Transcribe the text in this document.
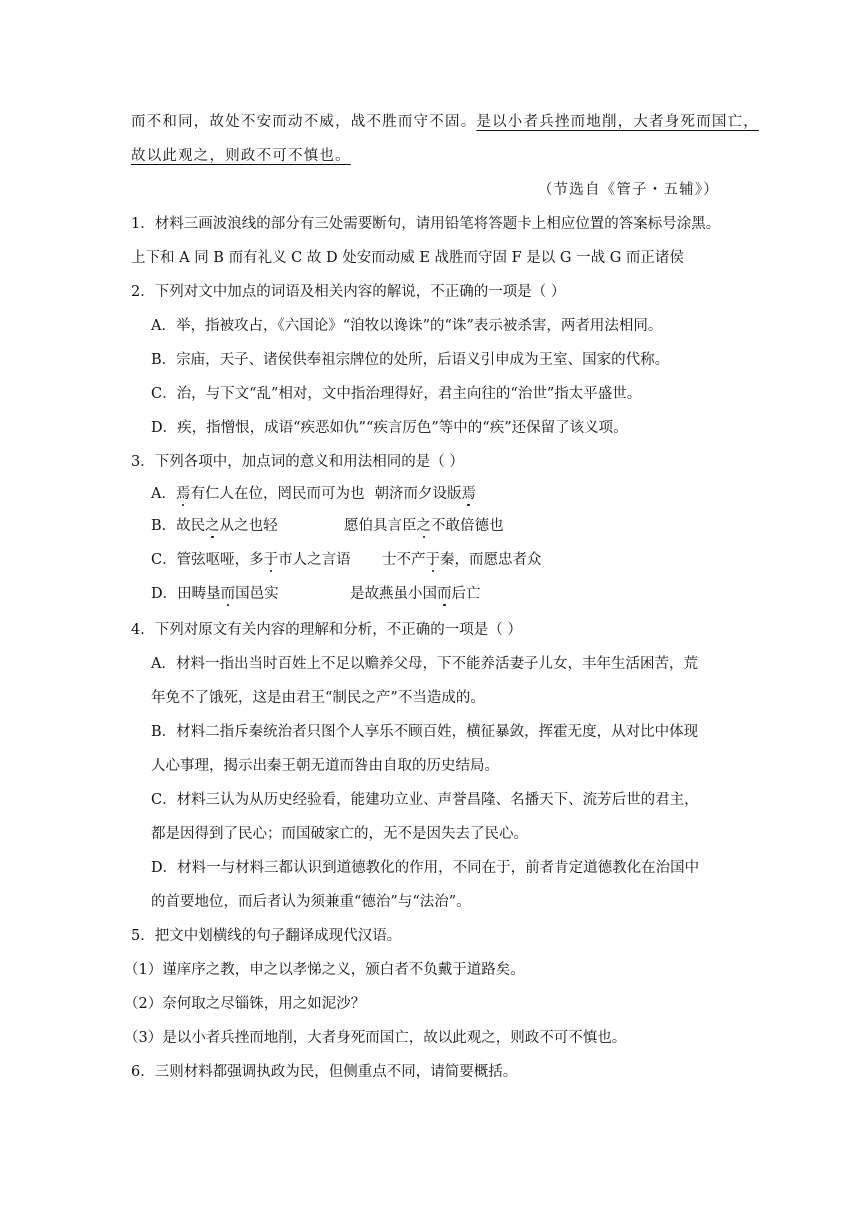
而不和同，故处不安而动不威，战不胜而守不固。是以小者兵挫而地削，大者身死而国亡，
故以此观之，则政不可不慎也。
（节选自《管子・五辅》）
1．材料三画波浪线的部分有三处需要断句，请用铅笔将答题卡上相应位置的答案标号涂黑。
上下和 A 同 B 而有礼义 C 故 D 处安而动威 E 战胜而守固 F 是以 G 一战 G 而正诸侯
2．下列对文中加点的词语及相关内容的解说，不正确的一项是（ ）
A．举，指被攻占，《六国论》“洎牧以谗诛”的“诛”表示被杀害，两者用法相同。
B．宗庙，天子、诸侯供奉祖宗牌位的处所，后语义引申成为王室、国家的代称。
C．治，与下文“乱”相对，文中指治理得好，君主向往的“治世”指太平盛世。
D．疾，指憎恨，成语“疾恶如仇”“疾言厉色”等中的“疾”还保留了该义项。
3．下列各项中，加点词的意义和用法相同的是（ ）
A．焉有仁人在位，罔民而可为也 朝济而夕设版焉
B．故民之从之也轻	愿伯具言臣之不敢倍德也
C．管弦呕哑，多于市人之言语 士不产于秦，而愿忠者众
D．田畴垦而国邑实	是故燕虽小国而后亡
4．下列对原文有关内容的理解和分析，不正确的一项是（ ）
A．材料一指出当时百姓上不足以赡养父母，下不能养活妻子儿女，丰年生活困苦，荒
年免不了饿死，这是由君王“制民之产”不当造成的。
B．材料二指斥秦统治者只图个人享乐不顾百姓，横征暴敛，挥霍无度，从对比中体现
人心事理，揭示出秦王朝无道而咎由自取的历史结局。
C．材料三认为从历史经验看，能建功立业、声誉昌隆、名播天下、流芳后世的君主，
都是因得到了民心；而国破家亡的，无不是因失去了民心。
D．材料一与材料三都认识到道德教化的作用，不同在于，前者肯定道德教化在治国中
的首要地位，而后者认为须兼重“德治”与“法治”。
5．把文中划横线的句子翻译成现代汉语。
（1）谨庠序之教，申之以孝悌之义，颁白者不负戴于道路矣。
（2）奈何取之尽锱铢，用之如泥沙？
（3）是以小者兵挫而地削，大者身死而国亡，故以此观之，则政不可不慎也。
6．三则材料都强调执政为民，但侧重点不同，请简要概括。
